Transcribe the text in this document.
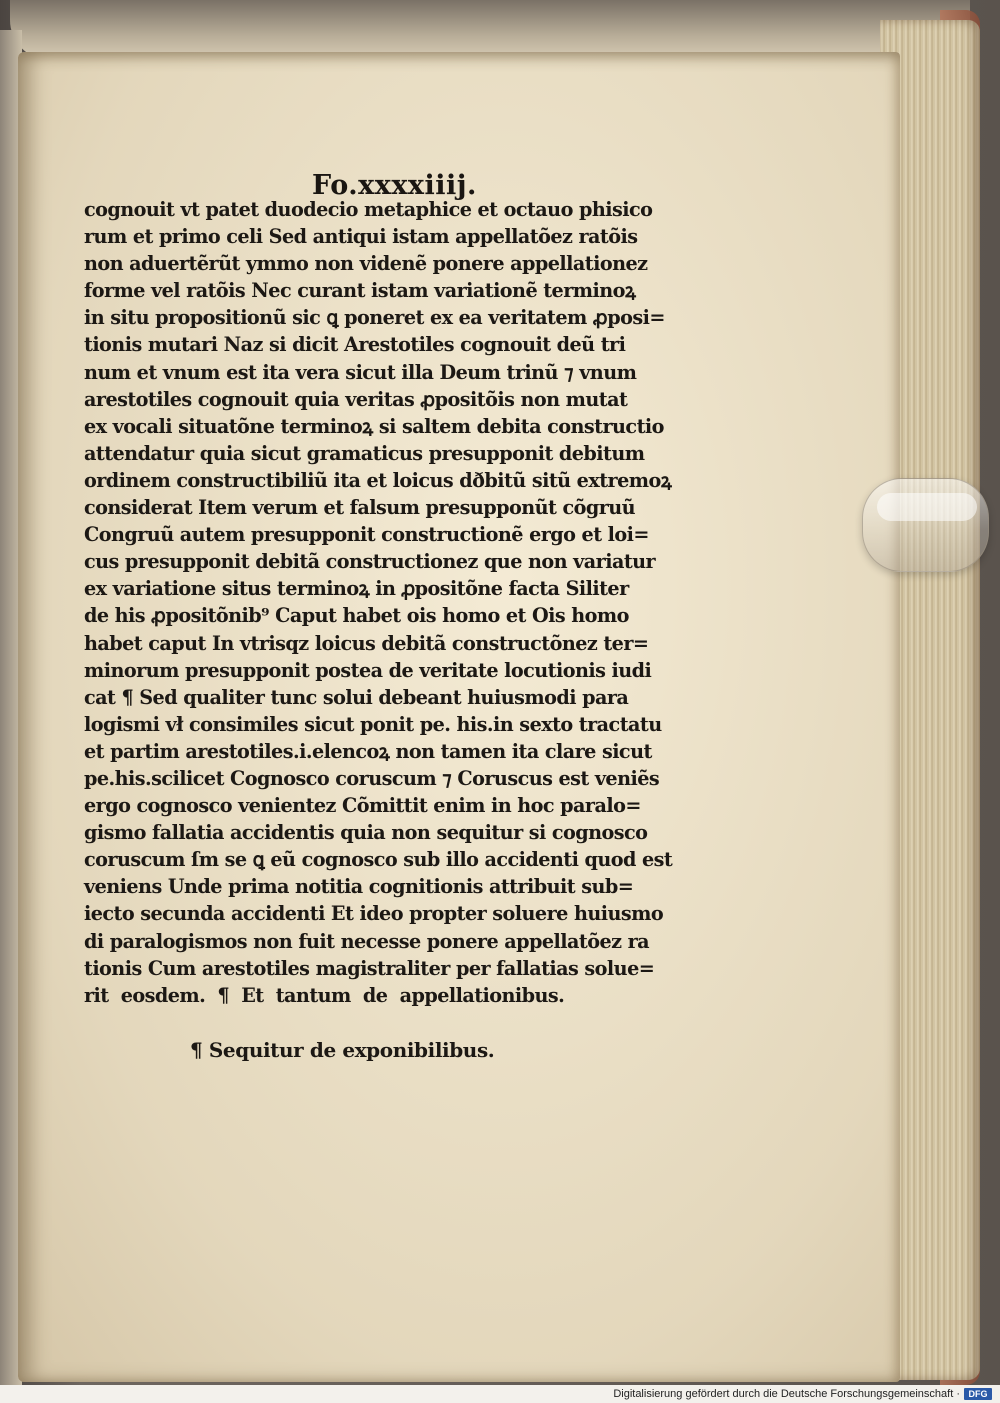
Fo.xxxxiiij.
cognouit vt patet duodecio metaphice et octauo phisico
rum et primo celi Sed antiqui istam appellatõez ratõis
non aduertẽrũt ymmo non videnẽ ponere appellationez
forme vel ratõis Nec curant istam variationẽ terminoꝝ
in situ propositionũ sic ꝗ poneret ex ea veritatem ꝓposi=
tionis mutari Naz si dicit Arestotiles cognouit deũ tri
num et vnum est ita vera sicut illa Deum trinũ ⁊ vnum
arestotiles cognouit quia veritas ꝓpositõis non mutat
ex vocali situatõne terminoꝝ si saltem debita constructio
attendatur quia sicut gramaticus presupponit debitum
ordinem constructibiliũ ita et loicus dðbitũ sitũ extremoꝝ
considerat Item verum et falsum presupponũt cõgruũ
Congruũ autem presupponit constructionẽ ergo et loi=
cus presupponit debitã constructionez que non variatur
ex variatione situs terminoꝝ in ꝓpositõne facta Siliter
de his ꝓpositõnib⁹ Caput habet ois homo et Ois homo
habet caput In vtrisqz loicus debitã constructõnez ter=
minorum presupponit postea de veritate locutionis iudi
cat ¶ Sed qualiter tunc solui debeant huiusmodi para
logismi vł consimiles sicut ponit pe. his.in sexto tractatu
et partim arestotiles.i.elencoꝝ non tamen ita clare sicut
pe.his.scilicet Cognosco coruscum ⁊ Coruscus est veniẽs
ergo cognosco venientez Cõmittit enim in hoc paralo=
gismo fallatia accidentis quia non sequitur si cognosco
coruscum ſm se ꝗ eũ cognosco sub illo accidenti quod est
veniens Unde prima notitia cognitionis attribuit sub=
iecto secunda accidenti Et ideo propter soluere huiusmo
di paralogismos non fuit necesse ponere appellatõez ra
tionis Cum arestotiles magistraliter per fallatias solue=
rit eosdem. ¶ Et tantum de appellationibus.
¶ Sequitur de exponibilibus.
Digitalisierung gefördert durch die Deutsche Forschungsgemeinschaft · DFG
